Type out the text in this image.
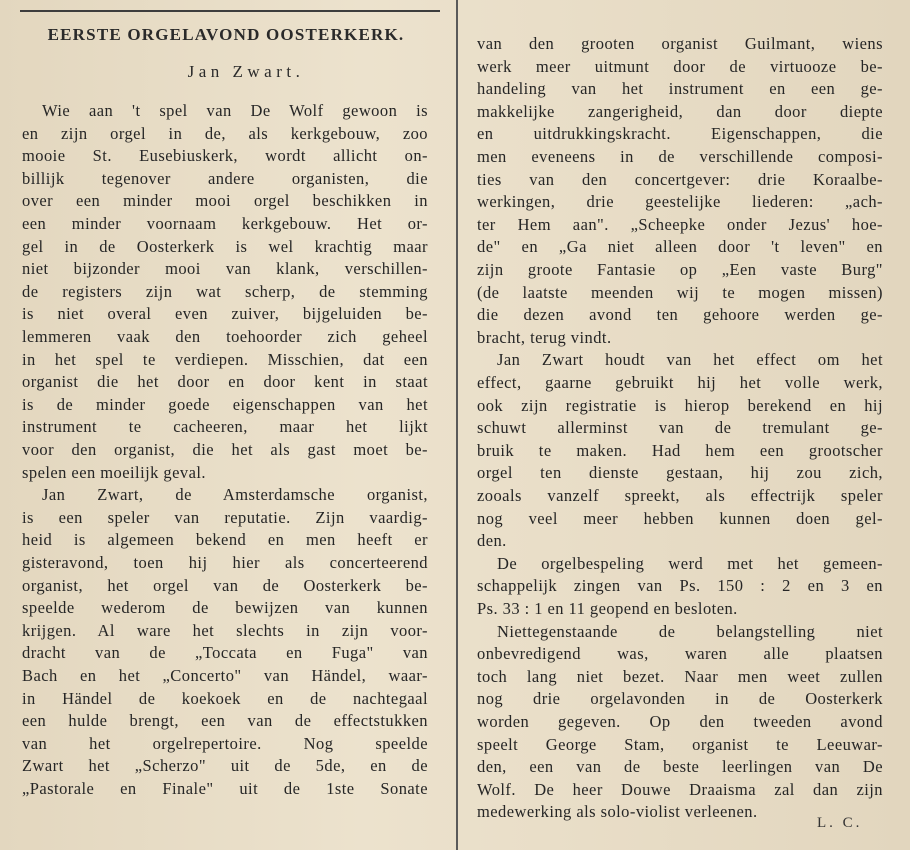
EERSTE ORGELAVOND OOSTERKERK.
Jan Zwart.
Wie aan 't spel van De Wolf gewoon is
en zijn orgel in de, als kerkgebouw, zoo
mooie St. Eusebiuskerk, wordt allicht on-
billijk tegenover andere organisten, die
over een minder mooi orgel beschikken in
een minder voornaam kerkgebouw. Het or-
gel in de Oosterkerk is wel krachtig maar
niet bijzonder mooi van klank, verschillen-
de registers zijn wat scherp, de stemming
is niet overal even zuiver, bijgeluiden be-
lemmeren vaak den toehoorder zich geheel
in het spel te verdiepen. Misschien, dat een
organist die het door en door kent in staat
is de minder goede eigenschappen van het
instrument te cacheeren, maar het lijkt
voor den organist, die het als gast moet be-
spelen een moeilijk geval.
Jan Zwart, de Amsterdamsche organist,
is een speler van reputatie. Zijn vaardig-
heid is algemeen bekend en men heeft er
gisteravond, toen hij hier als concerteerend
organist, het orgel van de Oosterkerk be-
speelde wederom de bewijzen van kunnen
krijgen. Al ware het slechts in zijn voor-
dracht van de „Toccata en Fuga" van
Bach en het „Concerto" van Händel, waar-
in Händel de koekoek en de nachtegaal
een hulde brengt, een van de effectstukken
van het orgelrepertoire. Nog speelde
Zwart het „Scherzo" uit de 5de, en de
„Pastorale en Finale" uit de 1ste Sonate
van den grooten organist Guilmant, wiens
werk meer uitmunt door de virtuooze be-
handeling van het instrument en een ge-
makkelijke zangerigheid, dan door diepte
en uitdrukkingskracht. Eigenschappen, die
men eveneens in de verschillende composi-
ties van den concertgever: drie Koraalbe-
werkingen, drie geestelijke liederen: „ach-
ter Hem aan". „Scheepke onder Jezus' hoe-
de" en „Ga niet alleen door 't leven" en
zijn groote Fantasie op „Een vaste Burg"
(de laatste meenden wij te mogen missen)
die dezen avond ten gehoore werden ge-
bracht, terug vindt.
Jan Zwart houdt van het effect om het
effect, gaarne gebruikt hij het volle werk,
ook zijn registratie is hierop berekend en hij
schuwt allerminst van de tremulant ge-
bruik te maken. Had hem een grootscher
orgel ten dienste gestaan, hij zou zich,
zooals vanzelf spreekt, als effectrijk speler
nog veel meer hebben kunnen doen gel-
den.
De orgelbespeling werd met het gemeen-
schappelijk zingen van Ps. 150 : 2 en 3 en
Ps. 33 : 1 en 11 geopend en besloten.
Niettegenstaande de belangstelling niet
onbevredigend was, waren alle plaatsen
toch lang niet bezet. Naar men weet zullen
nog drie orgelavonden in de Oosterkerk
worden gegeven. Op den tweeden avond
speelt George Stam, organist te Leeuwar-
den, een van de beste leerlingen van De
Wolf. De heer Douwe Draaisma zal dan zijn
medewerking als solo-violist verleenen.
L. C.
